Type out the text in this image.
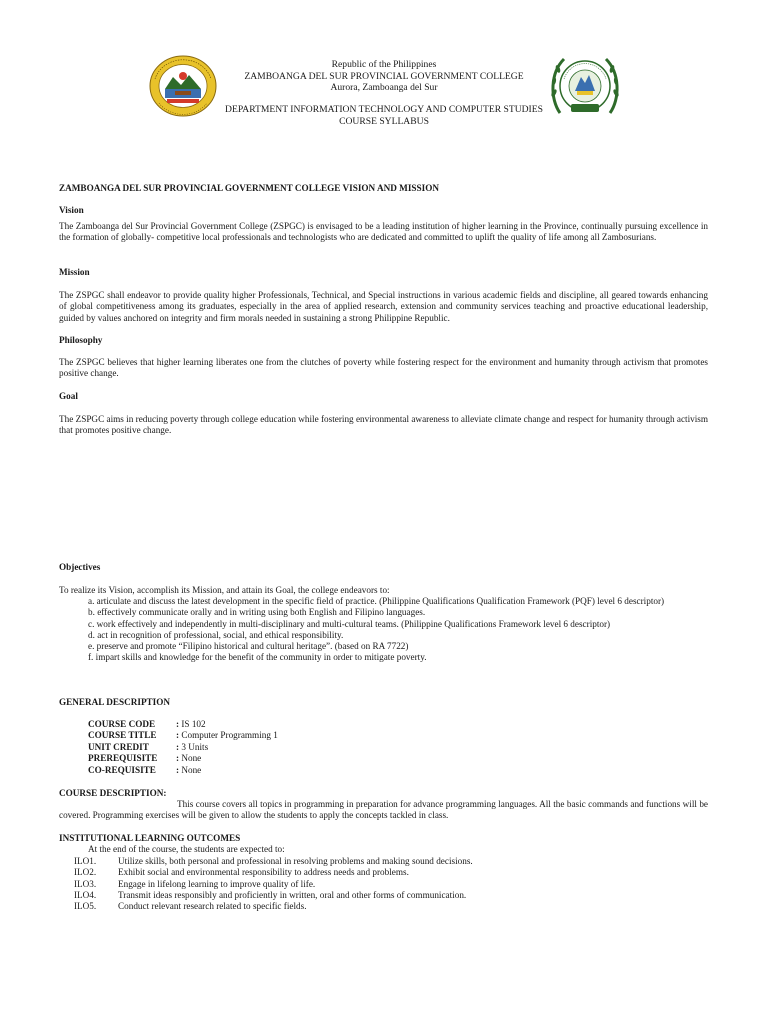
Republic of the Philippines
ZAMBOANGA DEL SUR PROVINCIAL GOVERNMENT COLLEGE
Aurora, Zamboanga del Sur
DEPARTMENT INFORMATION TECHNOLOGY AND COMPUTER STUDIES
COURSE SYLLABUS
ZAMBOANGA DEL SUR PROVINCIAL GOVERNMENT COLLEGE VISION AND MISSION
Vision
The Zamboanga del Sur Provincial Government College (ZSPGC) is envisaged to be a leading institution of higher learning in the Province, continually pursuing excellence in the formation of globally- competitive local professionals and technologists who are dedicated and committed to uplift the quality of life among all Zambosurians.
Mission
The ZSPGC shall endeavor to provide quality higher Professionals, Technical, and Special instructions in various academic fields and discipline, all geared towards enhancing of global competitiveness among its graduates, especially in the area of applied research, extension and community services teaching and proactive educational leadership, guided by values anchored on integrity and firm morals needed in sustaining a strong Philippine Republic.
Philosophy
The ZSPGC believes that higher learning liberates one from the clutches of poverty while fostering respect for the environment and humanity through activism that promotes positive change.
Goal
The ZSPGC aims in reducing poverty through college education while fostering environmental awareness to alleviate climate change and respect for humanity through activism that promotes positive change.
Objectives
To realize its Vision, accomplish its Mission, and attain its Goal, the college endeavors to:
a. articulate and discuss the latest development in the specific field of practice. (Philippine Qualifications Qualification Framework (PQF) level 6 descriptor)
b. effectively communicate orally and in writing using both English and Filipino languages.
c. work effectively and independently in multi-disciplinary and multi-cultural teams. (Philippine Qualifications Framework level 6 descriptor)
d. act in recognition of professional, social, and ethical responsibility.
e. preserve and promote “Filipino historical and cultural heritage”. (based on RA 7722)
f. impart skills and knowledge for the benefit of the community in order to mitigate poverty.
GENERAL DESCRIPTION
COURSE CODE	: IS 102
COURSE TITLE	: Computer Programming 1
UNIT CREDIT	: 3 Units
PREREQUISITE	: None
CO-REQUISITE	: None
COURSE DESCRIPTION:
This course covers all topics in programming in preparation for advance programming languages. All the basic commands and functions will be covered. Programming exercises will be given to allow the students to apply the concepts tackled in class.
INSTITUTIONAL LEARNING OUTCOMES
At the end of the course, the students are expected to:
ILO1. Utilize skills, both personal and professional in resolving problems and making sound decisions.
ILO2. Exhibit social and environmental responsibility to address needs and problems.
ILO3. Engage in lifelong learning to improve quality of life.
ILO4. Transmit ideas responsibly and proficiently in written, oral and other forms of communication.
ILO5. Conduct relevant research related to specific fields.
